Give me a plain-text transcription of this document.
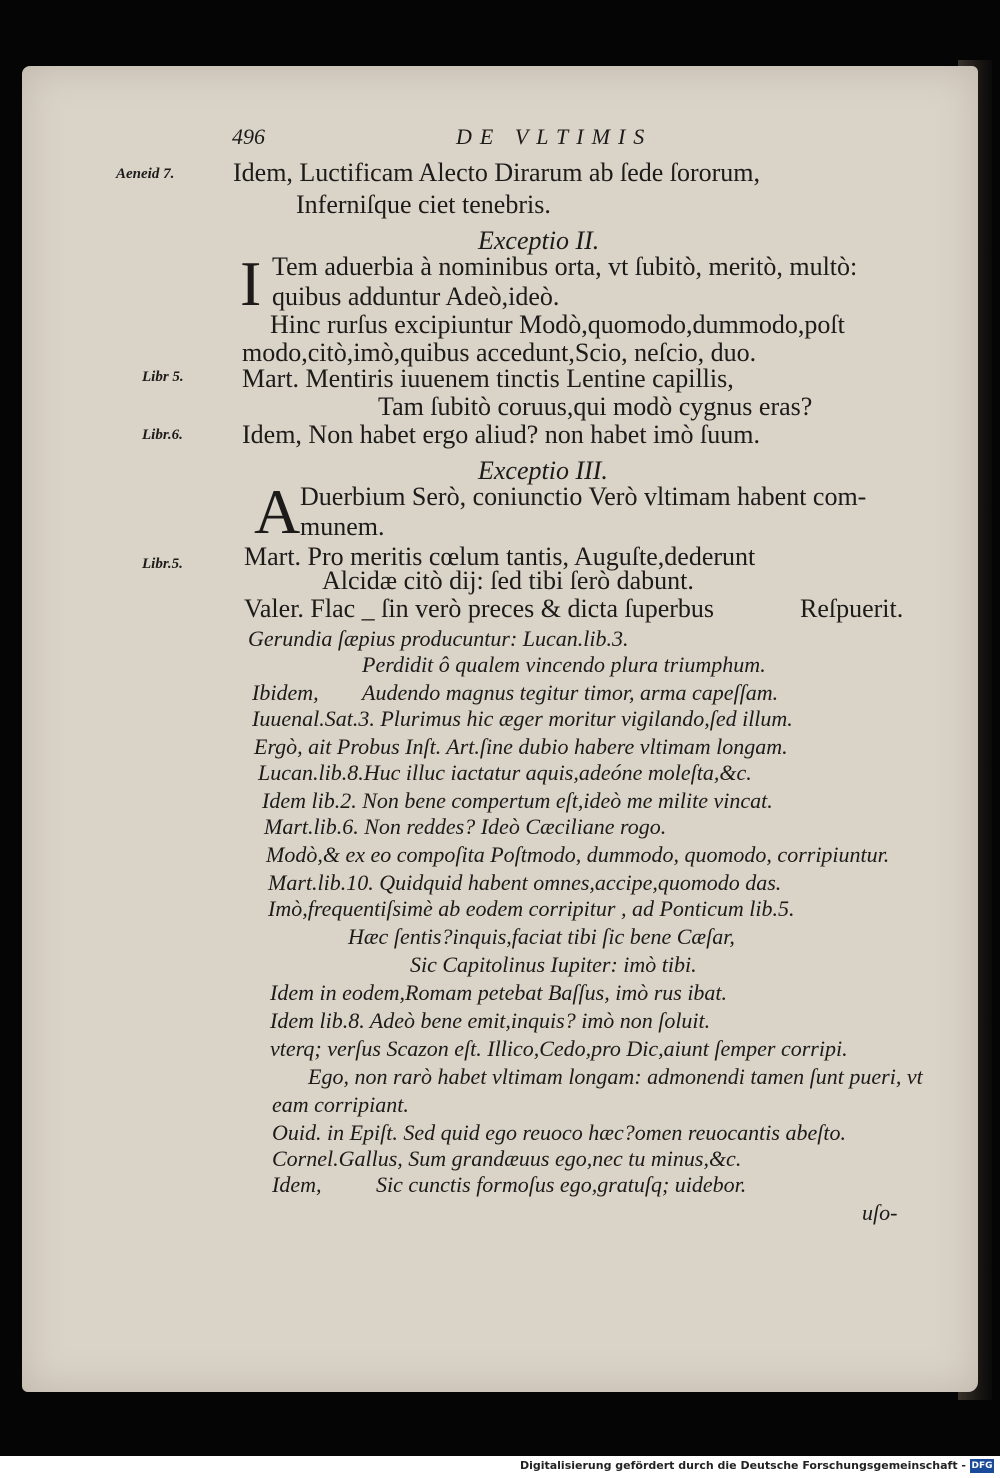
496	DE VLTIMIS
Aeneid 7.
Libr 5.
Libr.6.
Libr.5.
Idem, Luctificam Alecto Dirarum ab ſede ſororum,
Inferniſque ciet tenebris.
Exceptio II.
I Tem aduerbia à nominibus orta, vt ſubitò, meritò, multò:
quibus adduntur Adeò,ideò.
Hinc rurſus excipiuntur Modò,quomodo,dummodo,poſt
modo,citò,imò,quibus accedunt,Scio, neſcio, duo.
Mart. Mentiris iuuenem tinctis Lentine capillis,
Tam ſubitò coruus,qui modò cygnus eras?
Idem, Non habet ergo aliud? non habet imò ſuum.
Exceptio III.
A Duerbium Serò, coniunctio Verò vltimam habent com-
munem.
Mart. Pro meritis cœlum tantis, Auguſte,dederunt
Alcidæ citò dij: ſed tibi ſerò dabunt.
Valer. Flac _ ſin verò preces & dicta ſuperbus	Reſpuerit.
Gerundia ſæpius producuntur: Lucan.lib.3.
Perdidit ô qualem vincendo plura triumphum.
Ibidem, Audendo magnus tegitur timor, arma capeſſam.
Iuuenal.Sat.3. Plurimus hic æger moritur vigilando,ſed illum.
Ergò, ait Probus Inſt. Art.ſine dubio habere vltimam longam.
Lucan.lib.8.Huc illuc iactatur aquis,adeóne moleſta,&c.
Idem lib.2. Non bene compertum eſt,ideò me milite vincat.
Mart.lib.6. Non reddes? Ideò Cæciliane rogo.
Modò,& ex eo compoſita Poſtmodo, dummodo, quomodo, corripiuntur.
Mart.lib.10. Quidquid habent omnes,accipe,quomodo das.
Imò,frequentiſsimè ab eodem corripitur , ad Ponticum lib.5.
Hæc ſentis?inquis,faciat tibi ſic bene Cæſar,
Sic Capitolinus Iupiter: imò tibi.
Idem in eodem,Romam petebat Baſſus, imò rus ibat.
Idem lib.8. Adeò bene emit,inquis? imò non ſoluit.
vterq; verſus Scazon eſt. Illico,Cedo,pro Dic,aiunt ſemper corripi.
Ego, non rarò habet vltimam longam: admonendi tamen ſunt pueri, vt
eam corripiant.
Ouid. in Epiſt. Sed quid ego reuoco hæc?omen reuocantis abeſto.
Cornel.Gallus, Sum grandæuus ego,nec tu minus,&c.
Idem, Sic cunctis formoſus ego,gratuſq; uidebor.
uſo-
Digitalisierung gefördert durch die Deutsche Forschungsgemeinschaft - DFG
